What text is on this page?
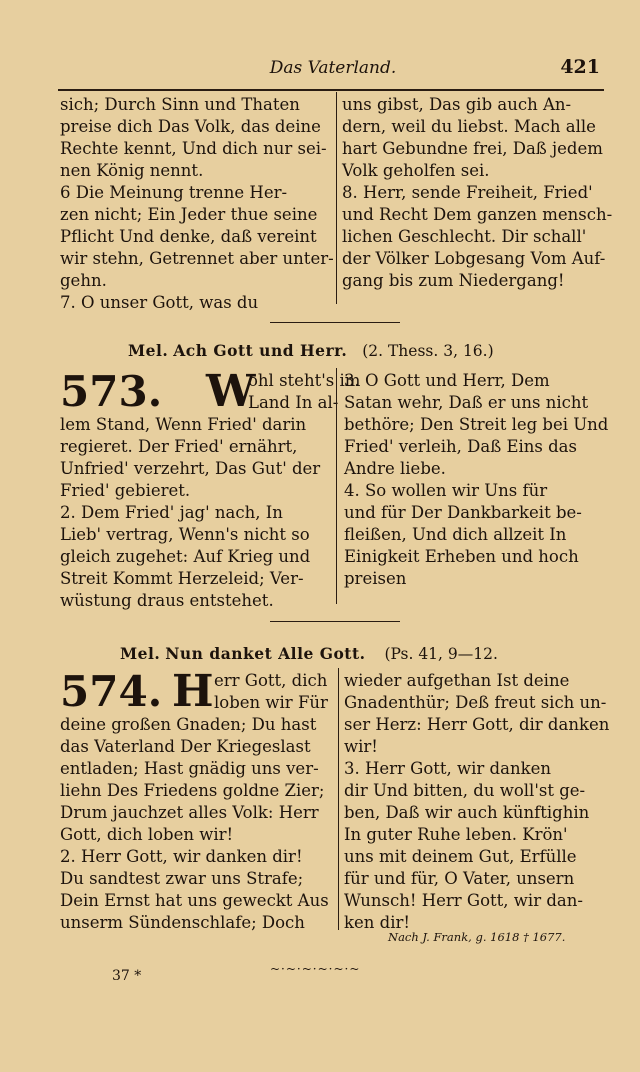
Das Vaterland.	421
sich; Durch Sinn und Thaten
preise dich Das Volk, das deine
Rechte kennt, Und dich nur sei-
nen König nennt.
6 Die Meinung trenne Her-
zen nicht; Ein Jeder thue seine
Pflicht Und denke, daß vereint
wir stehn, Getrennet aber unter-
gehn.
7. O unser Gott, was du
uns gibst, Das gib auch An-
dern, weil du liebst. Mach alle
hart Gebundne frei, Daß jedem
Volk geholfen sei.
8. Herr, sende Freiheit, Fried'
und Recht Dem ganzen mensch-
lichen Geschlecht. Dir schall'
der Völker Lobgesang Vom Auf-
gang bis zum Niedergang!
Mel. Ach Gott und Herr. (2. Thess. 3, 16.)
573. W
ohl steht's im
Land In al-
lem Stand, Wenn Fried' darin
regieret. Der Fried' ernährt,
Unfried' verzehrt, Das Gut' der
Fried' gebieret.
2. Dem Fried' jag' nach, In
Lieb' vertrag, Wenn's nicht so
gleich zugehet: Auf Krieg und
Streit Kommt Herzeleid; Ver-
wüstung draus entstehet.
3. O Gott und Herr, Dem
Satan wehr, Daß er uns nicht
bethöre; Den Streit leg bei Und
Fried' verleih, Daß Eins das
Andre liebe.
4. So wollen wir Uns für
und für Der Dankbarkeit be-
fleißen, Und dich allzeit In
Einigkeit Erheben und hoch
preisen
Mel. Nun danket Alle Gott. (Ps. 41, 9—12.
574. H err Gott, dich
loben wir Für
deine großen Gnaden; Du hast
das Vaterland Der Kriegeslast
entladen; Hast gnädig uns ver-
liehn Des Friedens goldne Zier;
Drum jauchzet alles Volk: Herr
Gott, dich loben wir!
2. Herr Gott, wir danken dir!
Du sandtest zwar uns Strafe;
Dein Ernst hat uns geweckt Aus
unserm Sündenschlafe; Doch
wieder aufgethan Ist deine
Gnadenthür; Deß freut sich un-
ser Herz: Herr Gott, dir danken
wir!
3. Herr Gott, wir danken
dir Und bitten, du woll'st ge-
ben, Daß wir auch künftighin
In guter Ruhe leben. Krön'
uns mit deinem Gut, Erfülle
für und für, O Vater, unsern
Wunsch! Herr Gott, wir dan-
ken dir!
Nach J. Frank, g. 1618 † 1677.
~·~·~·~·~·~
37 *
